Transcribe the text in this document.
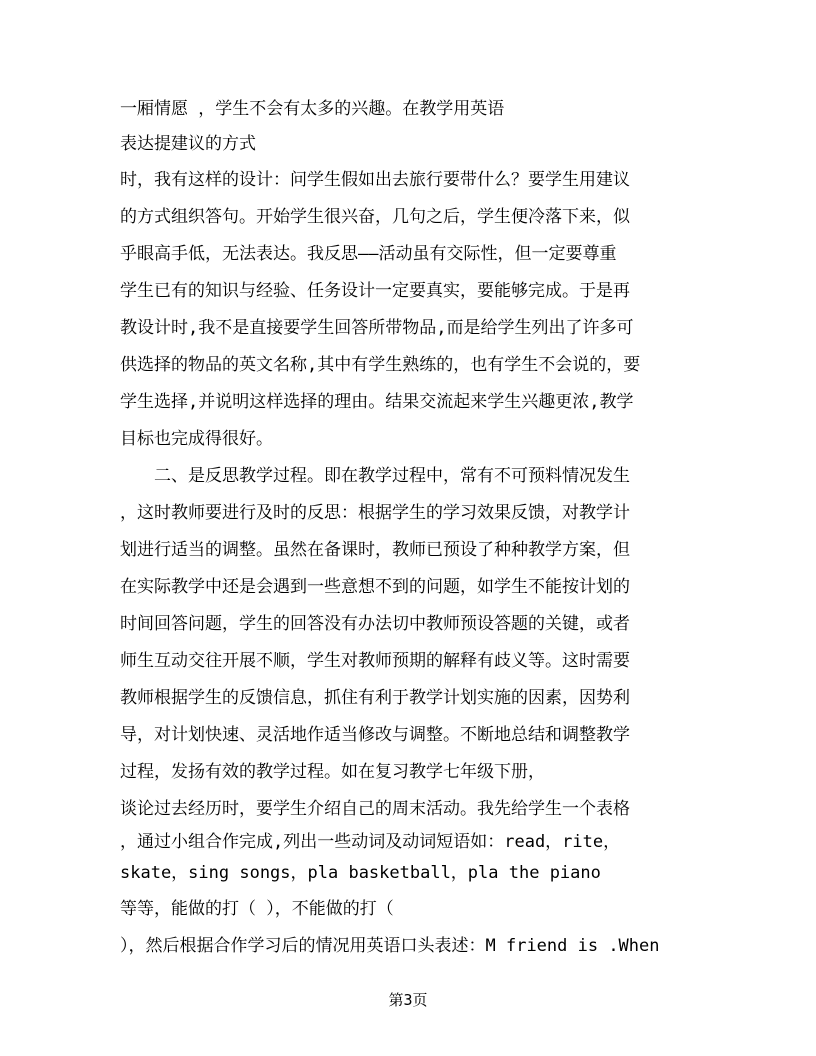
一厢情愿 ，学生不会有太多的兴趣。在教学用英语

表达提建议的方式

时，我有这样的设计：问学生假如出去旅行要带什么？要学生用建议

的方式组织答句。开始学生很兴奋，几句之后，学生便冷落下来，似

乎眼高手低，无法表达。我反思——活动虽有交际性，但一定要尊重

学生已有的知识与经验、任务设计一定要真实，要能够完成。于是再

教设计时,我不是直接要学生回答所带物品,而是给学生列出了许多可

供选择的物品的英文名称,其中有学生熟练的，也有学生不会说的，要

学生选择,并说明这样选择的理由。结果交流起来学生兴趣更浓,教学

目标也完成得很好。

　　二、是反思教学过程。即在教学过程中，常有不可预料情况发生

，这时教师要进行及时的反思：根据学生的学习效果反馈，对教学计

划进行适当的调整。虽然在备课时，教师已预设了种种教学方案，但

在实际教学中还是会遇到一些意想不到的问题，如学生不能按计划的

时间回答问题，学生的回答没有办法切中教师预设答题的关键，或者

师生互动交往开展不顺，学生对教师预期的解释有歧义等。这时需要

教师根据学生的反馈信息，抓住有利于教学计划实施的因素，因势利

导，对计划快速、灵活地作适当修改与调整。不断地总结和调整教学

过程，发扬有效的教学过程。如在复习教学七年级下册，

谈论过去经历时，要学生介绍自己的周末活动。我先给学生一个表格

，通过小组合作完成,列出一些动词及动词短语如：read，rite，

skate，sing songs，pla basketball，pla the piano

等等，能做的打（ ），不能做的打（

），然后根据合作学习后的情况用英语口头表述：M friend is .When

第3页
